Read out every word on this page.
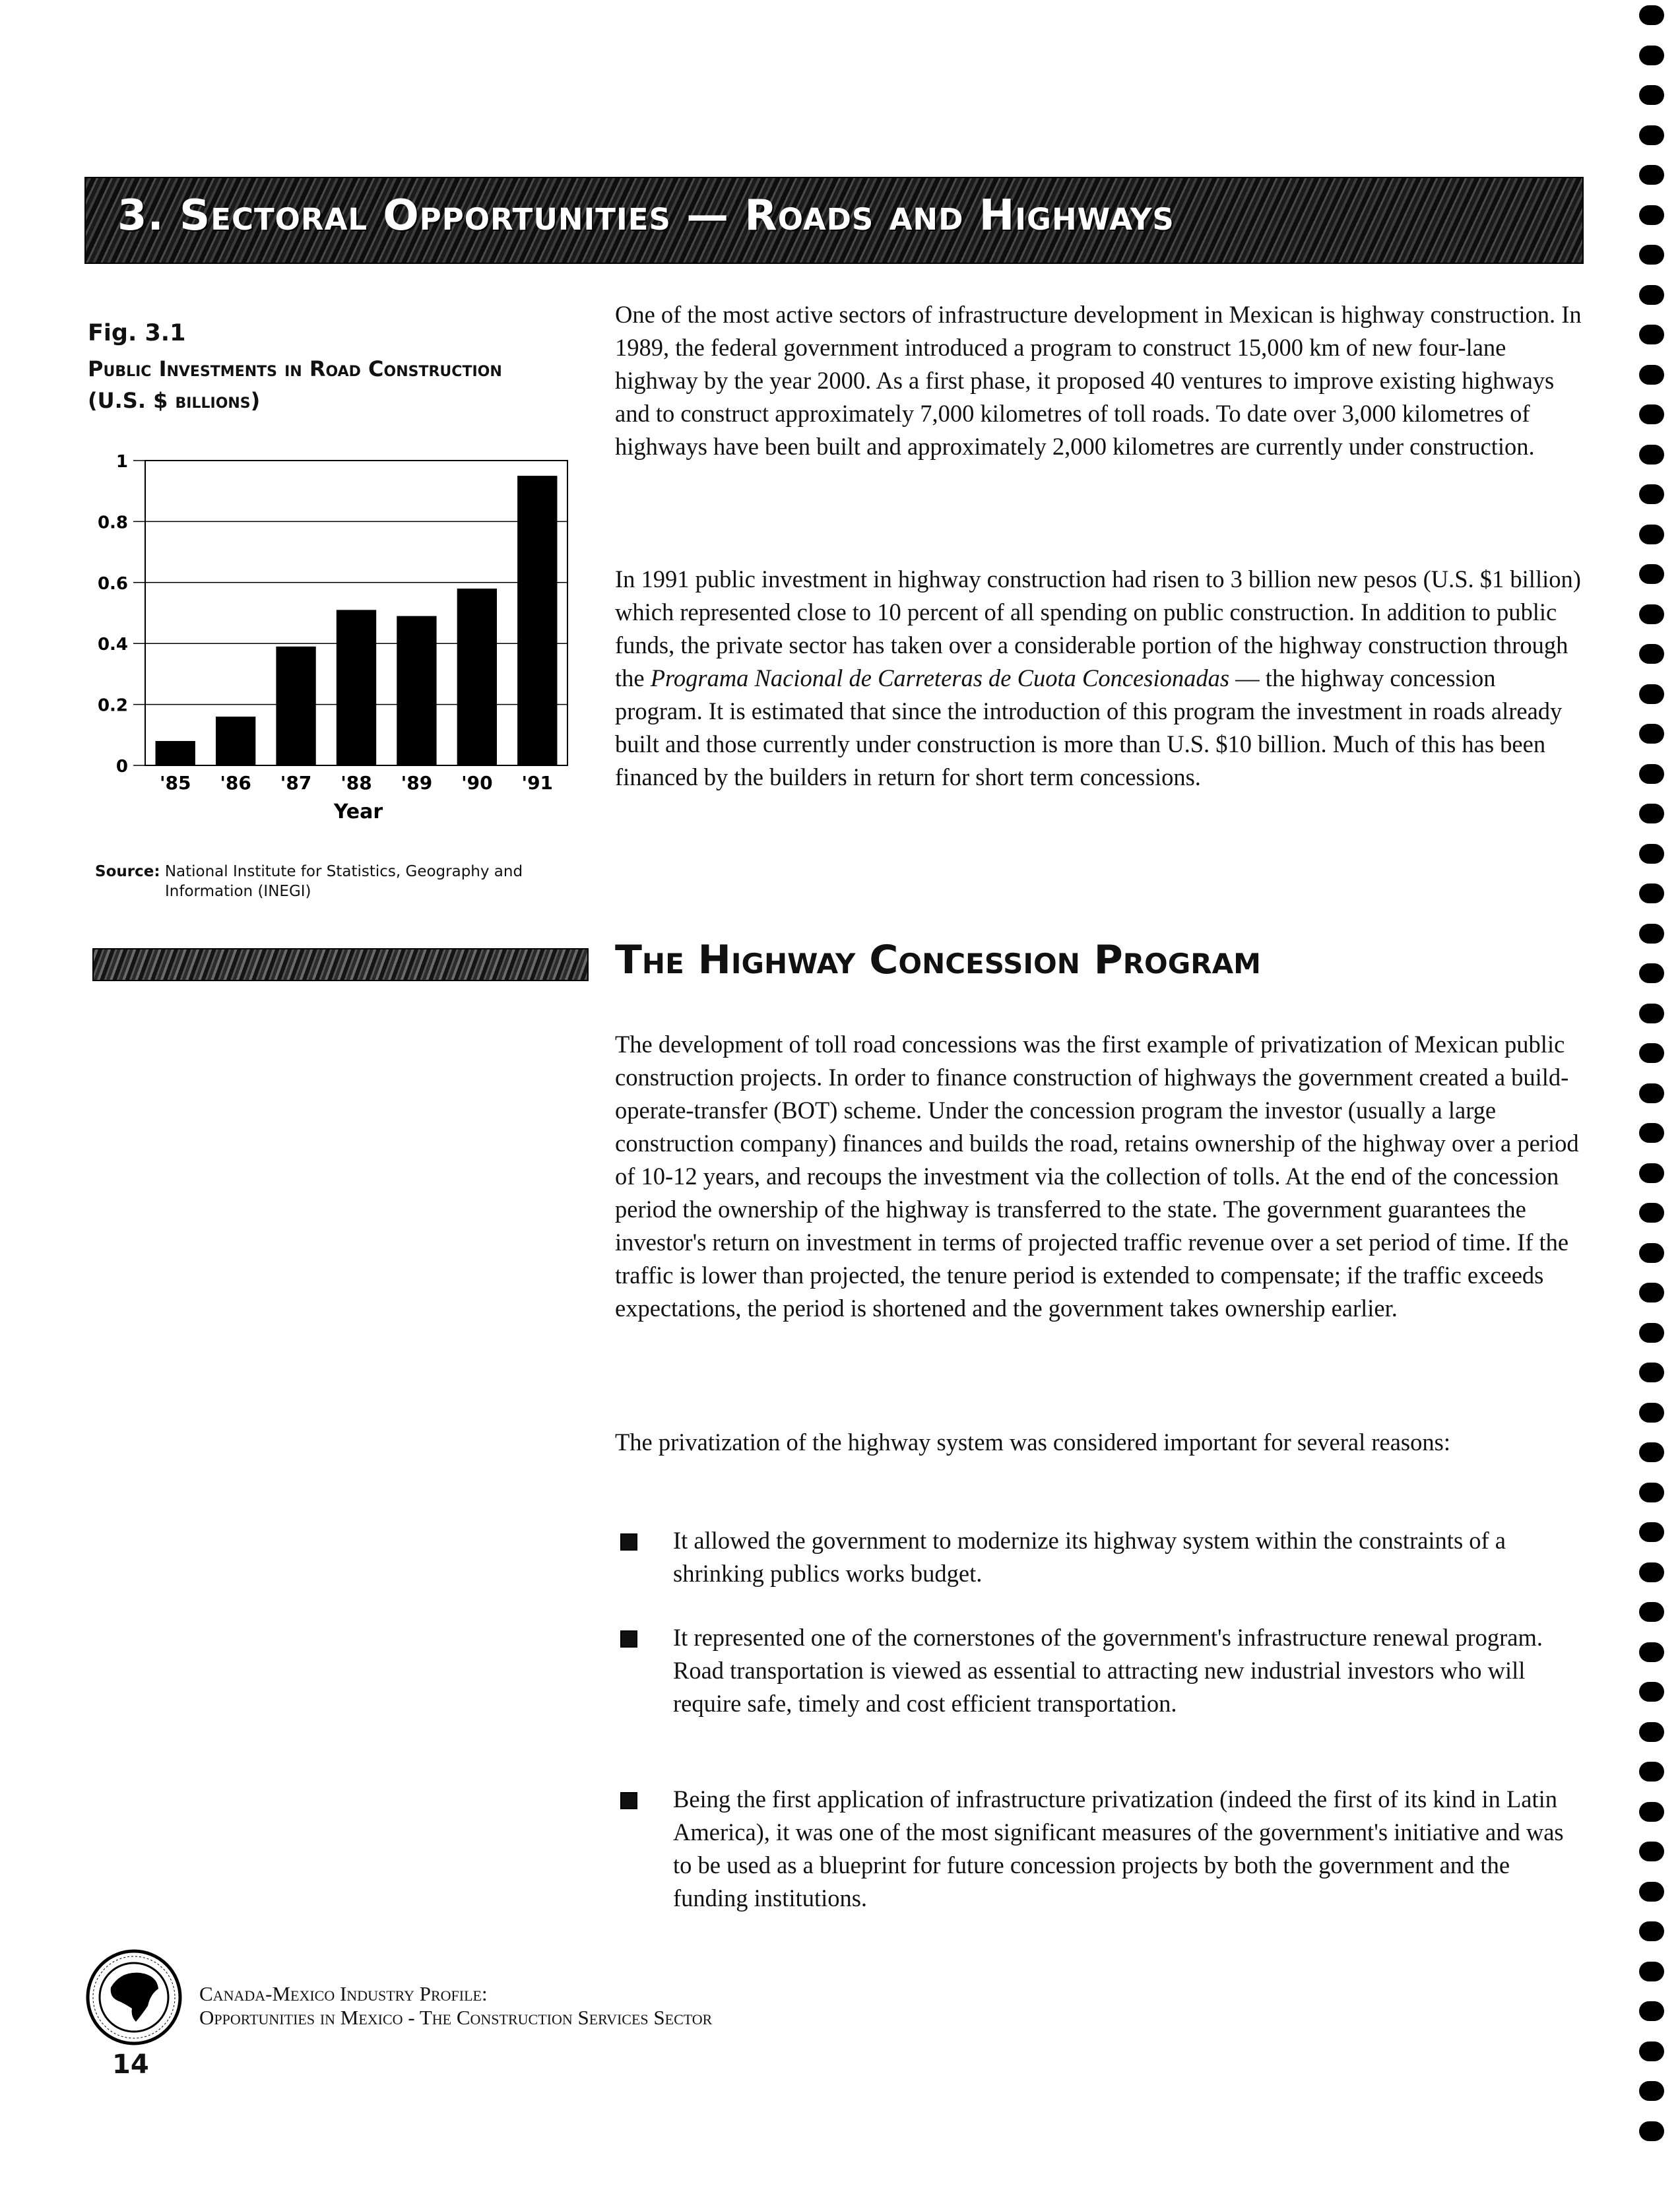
3. Sectoral Opportunities — Roads and Highways
Fig. 3.1
Public Investments in Road Construction
(U.S. $ billions)
0
0.2
0.4
0.6
0.8
1
'85 '86 '87 '88 '89 '90 '91
Year
Source: National Institute for Statistics, Geography and
Information (INEGI)
One of the most active sectors of infrastructure development in Mexican is highway construction. In 1989, the federal government introduced a program to construct 15,000 km of new four-lane highway by the year 2000. As a first phase, it proposed 40 ventures to improve existing highways and to construct approximately 7,000 kilometres of toll roads. To date over 3,000 kilometres of highways have been built and approximately 2,000 kilometres are currently under construction.
In 1991 public investment in highway construction had risen to 3 billion new pesos (U.S. $1 billion) which represented close to 10 percent of all spending on public construction. In addition to public funds, the private sector has taken over a considerable portion of the highway construction through the Programa Nacional de Carreteras de Cuota Concesionadas — the highway concession program. It is estimated that since the introduction of this program the investment in roads already built and those currently under construction is more than U.S. $10 billion. Much of this has been financed by the builders in return for short term concessions.
The Highway Concession Program
The development of toll road concessions was the first example of privatization of Mexican public construction projects. In order to finance construction of highways the government created a build-operate-transfer (BOT) scheme. Under the concession program the investor (usually a large construction company) finances and builds the road, retains ownership of the highway over a period of 10-12 years, and recoups the investment via the collection of tolls. At the end of the concession period the ownership of the highway is transferred to the state. The government guarantees the investor's return on investment in terms of projected traffic revenue over a set period of time. If the traffic is lower than projected, the tenure period is extended to compensate; if the traffic exceeds expectations, the period is shortened and the government takes ownership earlier.
The privatization of the highway system was considered important for several reasons:
It allowed the government to modernize its highway system within the constraints of a shrinking publics works budget.
It represented one of the cornerstones of the government's infrastructure renewal program. Road transportation is viewed as essential to attracting new industrial investors who will require safe, timely and cost efficient transportation.
Being the first application of infrastructure privatization (indeed the first of its kind in Latin America), it was one of the most significant measures of the government's initiative and was to be used as a blueprint for future concession projects by both the government and the funding institutions.
Canada-Mexico Industry Profile:
Opportunities in Mexico - The Construction Services Sector
14
